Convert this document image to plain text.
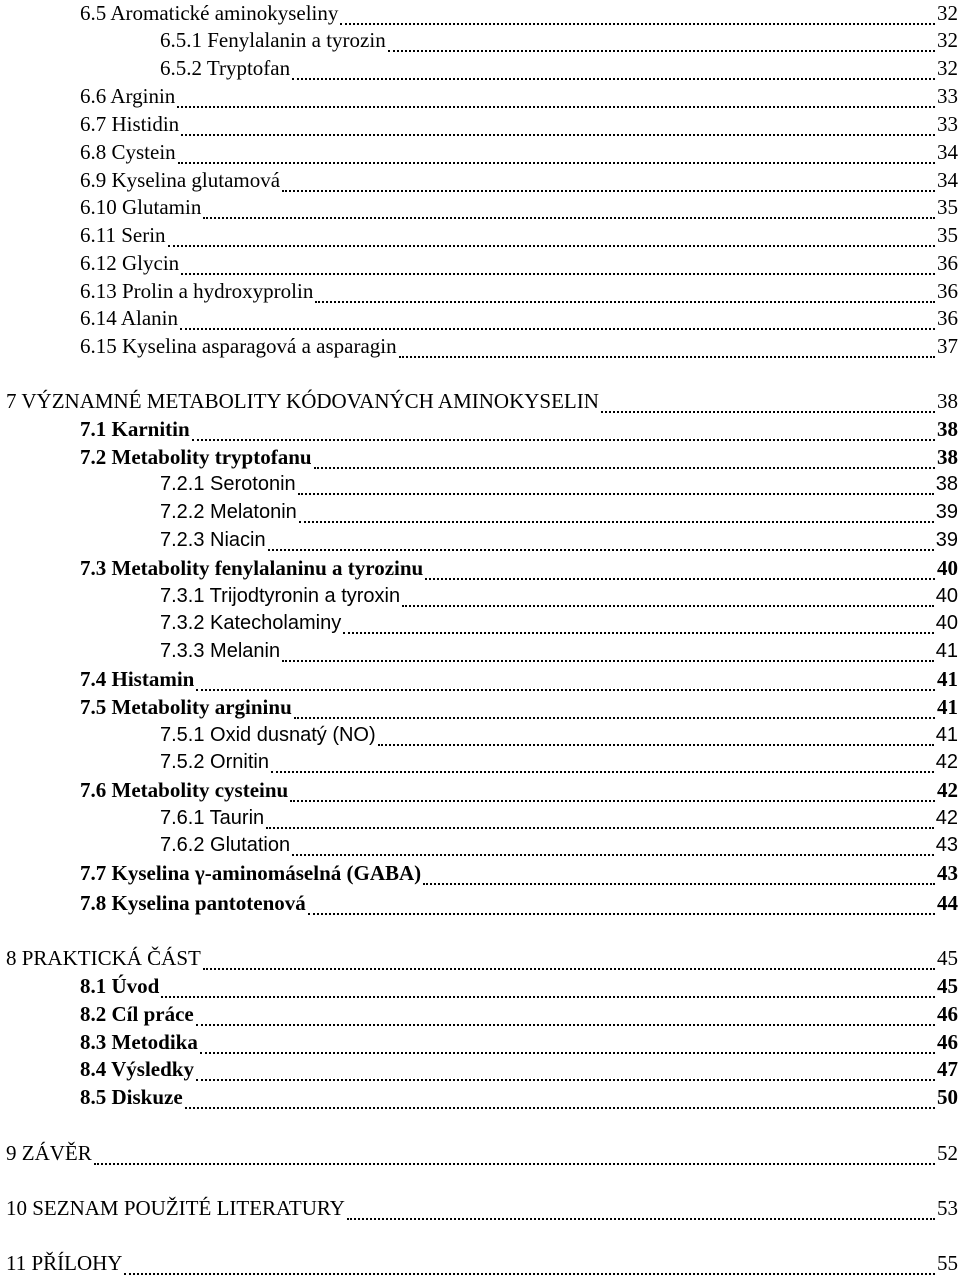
6.5 Aromatické aminokyseliny	32
6.5.1 Fenylalanin a tyrozin	32
6.5.2 Tryptofan	32
6.6 Arginin	33
6.7 Histidin	33
6.8 Cystein	34
6.9 Kyselina glutamová	34
6.10 Glutamin	35
6.11 Serin	35
6.12 Glycin	36
6.13 Prolin a hydroxyprolin	36
6.14 Alanin	36
6.15 Kyselina asparagová a asparagin	37
7 VÝZNAMNÉ METABOLITY KÓDOVANÝCH AMINOKYSELIN	38
7.1 Karnitin	38
7.2 Metabolity tryptofanu	38
7.2.1 Serotonin	38
7.2.2 Melatonin	39
7.2.3 Niacin	39
7.3 Metabolity fenylalaninu a tyrozinu	40
7.3.1 Trijodtyronin a tyroxin	40
7.3.2 Katecholaminy	40
7.3.3 Melanin	41
7.4 Histamin	41
7.5 Metabolity argininu	41
7.5.1 Oxid dusnatý (NO)	41
7.5.2 Ornitin	42
7.6 Metabolity cysteinu	42
7.6.1 Taurin	42
7.6.2 Glutation	43
7.7 Kyselina γ-aminomáselná (GABA)	43
7.8 Kyselina pantotenová	44
8 PRAKTICKÁ ČÁST	45
8.1 Úvod	45
8.2 Cíl práce	46
8.3 Metodika	46
8.4 Výsledky	47
8.5 Diskuze	50
9 ZÁVĚR	52
10 SEZNAM POUŽITÉ LITERATURY	53
11 PŘÍLOHY	55
